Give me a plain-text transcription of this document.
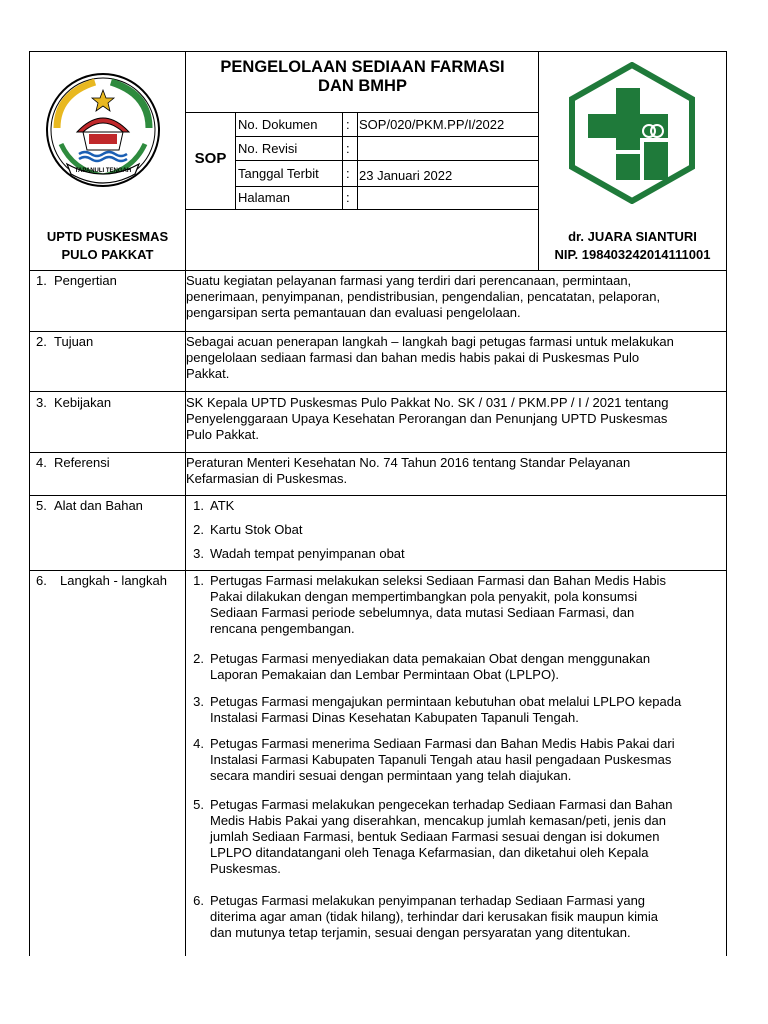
TAPANULI TENGAH
PENGELOLAAN SEDIAAN FARMASI
DAN BMHP
SOP
No. Dokumen : SOP/020/PKM.PP/I/2022
No. Revisi	:
Tanggal Terbit : 23 Januari 2022
Halaman	:
UPTD PUSKESMAS
PULO PAKKAT
dr. JUARA SIANTURI
NIP. 198403242014111001
1. Pengertian	Suatu kegiatan pelayanan farmasi yang terdiri dari perencanaan, permintaan,
penerimaan, penyimpanan, pendistribusian, pengendalian, pencatatan, pelaporan,
pengarsipan serta pemantauan dan evaluasi pengelolaan.
2. Tujuan	Sebagai acuan penerapan langkah – langkah bagi petugas farmasi untuk melakukan
pengelolaan sediaan farmasi dan bahan medis habis pakai di Puskesmas Pulo
Pakkat.
3. Kebijakan	SK Kepala UPTD Puskesmas Pulo Pakkat No. SK / 031 / PKM.PP / I / 2021 tentang
Penyelenggaraan Upaya Kesehatan Perorangan dan Penunjang UPTD Puskesmas
Pulo Pakkat.
4. Referensi	Peraturan Menteri Kesehatan No. 74 Tahun 2016 tentang Standar Pelayanan
Kefarmasian di Puskesmas.
5. Alat dan Bahan	1. ATK
2. Kartu Stok Obat
3. Wadah tempat penyimpanan obat
6. Langkah - langkah	1. Pertugas Farmasi melakukan seleksi Sediaan Farmasi dan Bahan Medis Habis
Pakai dilakukan dengan mempertimbangkan pola penyakit, pola konsumsi
Sediaan Farmasi periode sebelumnya, data mutasi Sediaan Farmasi, dan
rencana pengembangan.
2. Petugas Farmasi menyediakan data pemakaian Obat dengan menggunakan
Laporan Pemakaian dan Lembar Permintaan Obat (LPLPO).
3. Petugas Farmasi mengajukan permintaan kebutuhan obat melalui LPLPO kepada
Instalasi Farmasi Dinas Kesehatan Kabupaten Tapanuli Tengah.
4. Petugas Farmasi menerima Sediaan Farmasi dan Bahan Medis Habis Pakai dari
Instalasi Farmasi Kabupaten Tapanuli Tengah atau hasil pengadaan Puskesmas
secara mandiri sesuai dengan permintaan yang telah diajukan.
5. Petugas Farmasi melakukan pengecekan terhadap Sediaan Farmasi dan Bahan
Medis Habis Pakai yang diserahkan, mencakup jumlah kemasan/peti, jenis dan
jumlah Sediaan Farmasi, bentuk Sediaan Farmasi sesuai dengan isi dokumen
LPLPO ditandatangani oleh Tenaga Kefarmasian, dan diketahui oleh Kepala
Puskesmas.
6. Petugas Farmasi melakukan penyimpanan terhadap Sediaan Farmasi yang
diterima agar aman (tidak hilang), terhindar dari kerusakan fisik maupun kimia
dan mutunya tetap terjamin, sesuai dengan persyaratan yang ditentukan.
